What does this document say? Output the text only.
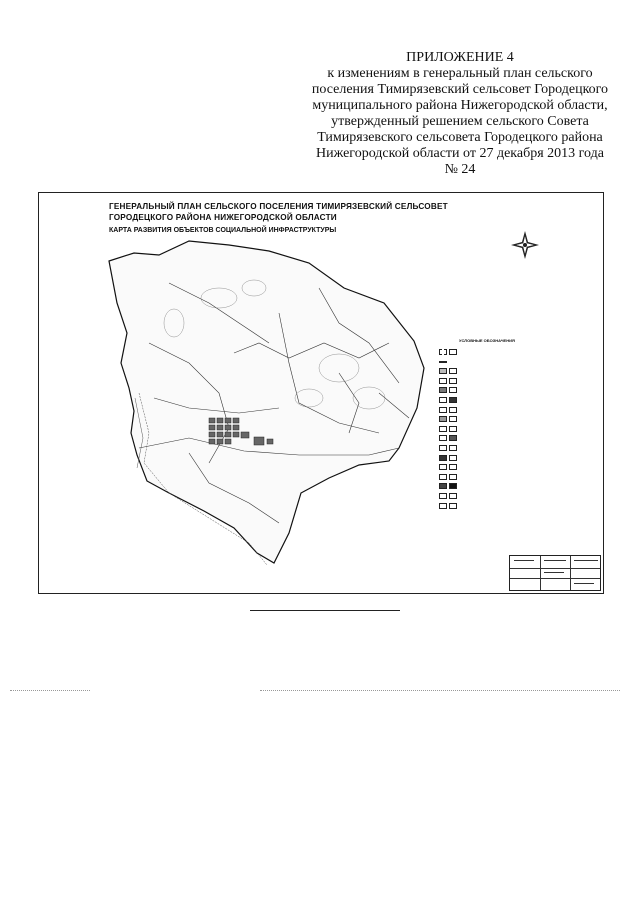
ПРИЛОЖЕНИЕ 4
к изменениям в генеральный план сельского
поселения Тимирязевский сельсовет Городецкого
муниципального района Нижегородской области,
утвержденный решением сельского Совета
Тимирязевского сельсовета Городецкого района
Нижегородской области от 27 декабря 2013 года
№ 24
ГЕНЕРАЛЬНЫЙ ПЛАН СЕЛЬСКОГО ПОСЕЛЕНИЯ ТИМИРЯЗЕВСКИЙ СЕЛЬСОВЕТ
ГОРОДЕЦКОГО РАЙОНА НИЖЕГОРОДСКОЙ ОБЛАСТИ
КАРТА РАЗВИТИЯ ОБЪЕКТОВ СОЦИАЛЬНОЙ ИНФРАСТРУКТУРЫ
УСЛОВНЫЕ ОБОЗНАЧЕНИЯ
